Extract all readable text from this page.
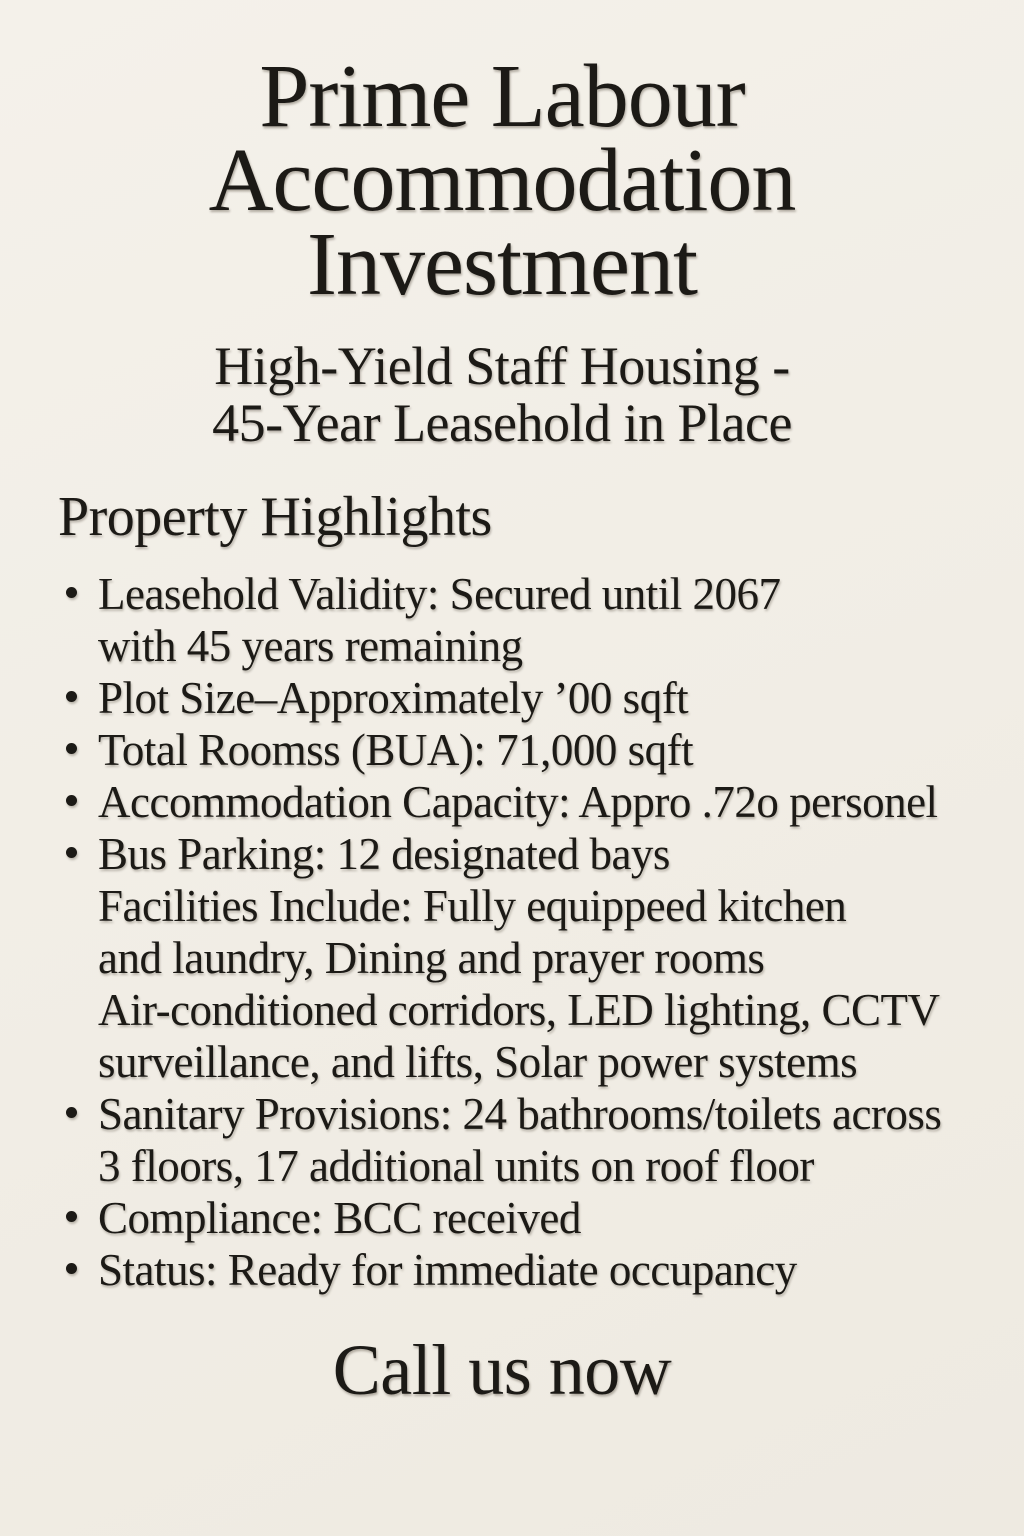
Prime Labour
Accommodation
Investment
High-Yield Staff Housing -
45-Year Leasehold in Place
Property Highlights
Leasehold Validity: Secured until 2067
with 45 years remaining
Plot Size–Approximately ’00 sqft
Total Roomss (BUA): 71,000 sqft
Accommodation Capacity: Appro .72o personel
Bus Parking: 12 designated bays
Facilities Include: Fully equippeed kitchen
and laundry, Dining and prayer rooms
Air-conditioned corridors, LED lighting, CCTV
surveillance, and lifts, Solar power systems
Sanitary Provisions: 24 bathrooms/toilets across
3 floors, 17 additional units on roof floor
Compliance: BCC received
Status: Ready for immediate occupancy
Call us now
